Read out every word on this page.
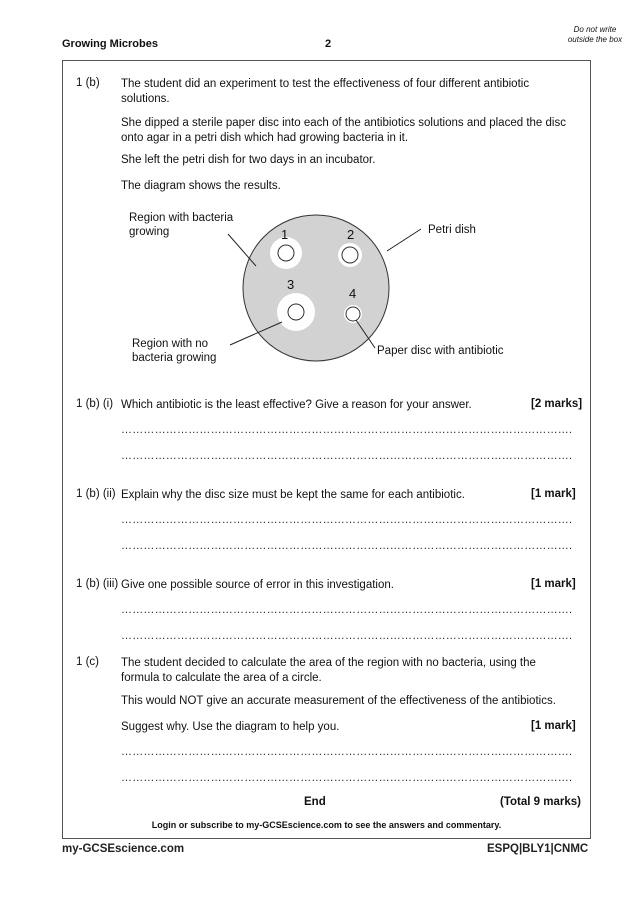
Growing Microbes	2
Do not write outside the box
1 (b) The student did an experiment to test the effectiveness of four different antibiotic solutions.
She dipped a sterile paper disc into each of the antibiotics solutions and placed the disc onto agar in a petri dish which had growing bacteria in it.
She left the petri dish for two days in an incubator.
The diagram shows the results.
1	2
3
4
Region with bacteria growing	Petri dish
Region with no bacteria growing
Paper disc with antibiotic
1 (b) (i) Which antibiotic is the least effective? Give a reason for your answer.	[2 marks]
………………………………………………………………………………………………………….
………………………………………………………………………………………………………….
1 (b) (ii) Explain why the disc size must be kept the same for each antibiotic.	[1 mark]
………………………………………………………………………………………………………….
………………………………………………………………………………………………………….
1 (b) (iii) Give one possible source of error in this investigation.	[1 mark]
………………………………………………………………………………………………………….
………………………………………………………………………………………………………….
1 (c) The student decided to calculate the area of the region with no bacteria, using the formula to calculate the area of a circle.
This would NOT give an accurate measurement of the effectiveness of the antibiotics.
Suggest why. Use the diagram to help you.	[1 mark]
………………………………………………………………………………………………………….
………………………………………………………………………………………………………….
End	(Total 9 marks)
Login or subscribe to my-GCSEscience.com to see the answers and commentary.
my-GCSEscience.com	ESPQ|BLY1|CNMC
